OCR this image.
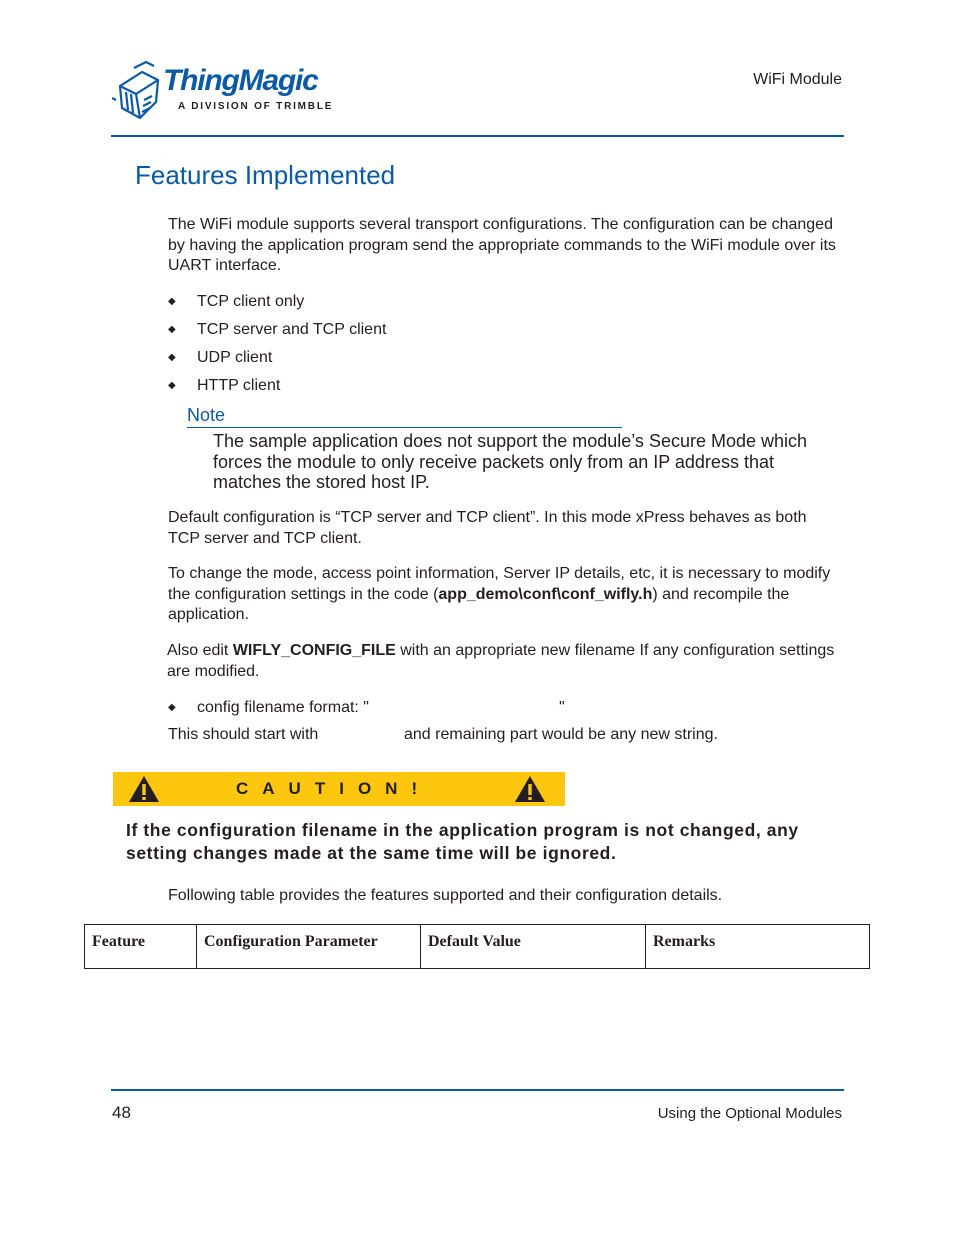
ThingMagic
A DIVISION OF TRIMBLE
WiFi Module
Features Implemented
The WiFi module supports several transport configurations. The configuration can be changed by having the application program send the appropriate commands to the WiFi module over its UART interface.
◆ TCP client only
◆ TCP server and TCP client
◆ UDP client
◆ HTTP client
Note
The sample application does not support the module’s Secure Mode which forces the module to only receive packets only from an IP address that matches the stored host IP.
Default configuration is “TCP server and TCP client”. In this mode xPress behaves as both TCP server and TCP client.
To change the mode, access point information, Server IP details, etc, it is necessary to modify the configuration settings in the code (app_demo\conf\conf_wifly.h) and recompile the application.
Also edit WIFLY_CONFIG_FILE with an appropriate new filename If any configuration settings are modified.
◆ config filename format: "	"
This should start with	and remaining part would be any new string.
CAUTION!
If the configuration filename in the application program is not changed, any setting changes made at the same time will be ignored.
Following table provides the features supported and their configuration details.
Feature	Configuration Parameter	Default Value	Remarks
48	Using the Optional Modules
